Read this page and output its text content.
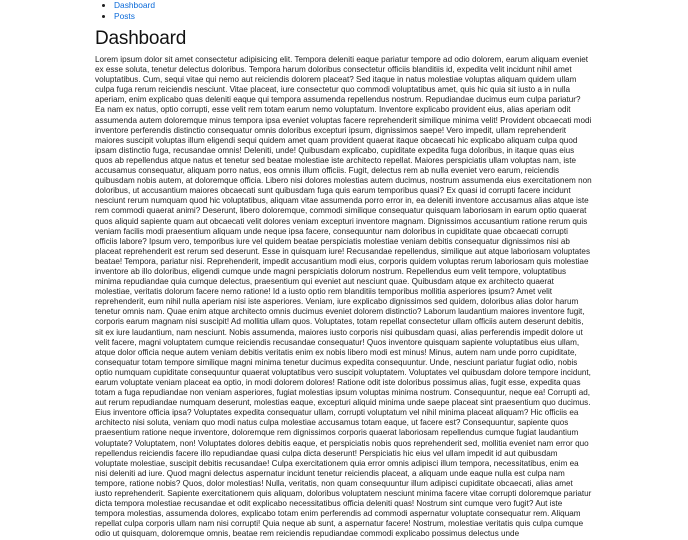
• Dashboard
• Posts
Dashboard

Lorem ipsum dolor sit amet consectetur adipisicing elit. Tempora deleniti eaque pariatur tempore ad odio dolorem, earum aliquam eveniet ex esse soluta, tenetur delectus doloribus. Tempora harum doloribus consectetur officiis blanditiis id, expedita velit incidunt nihil amet voluptatibus. Cum, sequi vitae qui nemo aut reiciendis dolorem placeat? Sed itaque in natus molestiae voluptas aliquam quidem ullam culpa fuga rerum reiciendis nesciunt. Vitae placeat, iure consectetur quo commodi voluptatibus amet, quis hic quia sit iusto a in nulla aperiam, enim explicabo quas deleniti eaque qui tempora assumenda repellendus nostrum. Repudiandae ducimus eum culpa pariatur? Ea nam ex natus, optio corrupti, esse velit rem totam earum nemo voluptatum. Inventore explicabo provident eius, alias aperiam odit assumenda autem doloremque minus tempora ipsa eveniet voluptas facere reprehenderit similique minima velit! Provident obcaecati modi inventore perferendis distinctio consequatur omnis doloribus excepturi ipsum, dignissimos saepe! Vero impedit, ullam reprehenderit maiores suscipit voluptas illum eligendi sequi quidem amet quam provident quaerat itaque obcaecati hic explicabo aliquam culpa quod ipsam distinctio fuga, recusandae omnis! Deleniti, unde! Quibusdam explicabo, cupiditate expedita fuga doloribus, in itaque quas eius quos ab repellendus atque natus et tenetur sed beatae molestiae iste architecto repellat. Maiores perspiciatis ullam voluptas nam, iste accusamus consequatur, aliquam porro natus, eos omnis illum officiis. Fugit, delectus rem ab nulla eveniet vero earum, reiciendis quibusdam nobis autem, at doloremque officia. Libero nisi dolores molestias autem ducimus, nostrum assumenda eius exercitationem non doloribus, ut accusantium maiores obcaecati sunt quibusdam fuga quis earum temporibus quasi? Ex quasi id corrupti facere incidunt nesciunt rerum numquam quod hic voluptatibus, aliquam vitae assumenda porro error in, ea deleniti inventore accusamus alias atque iste rem commodi quaerat animi? Deserunt, libero doloremque, commodi similique consequatur quisquam laboriosam in earum optio quaerat quos aliquid sapiente quam aut obcaecati velit dolores veniam excepturi inventore magnam. Dignissimos accusantium ratione rerum quis veniam facilis modi praesentium aliquam unde neque ipsa facere, consequuntur nam doloribus in cupiditate quae obcaecati corrupti officiis labore? Ipsum vero, temporibus iure vel quidem beatae perspiciatis molestiae veniam debitis consequatur dignissimos nisi ab placeat reprehenderit est rerum sed deserunt. Esse in quisquam iure! Recusandae repellendus, similique aut atque laboriosam voluptates beatae! Tempora, pariatur nisi. Reprehenderit, impedit accusantium modi eius, corporis quidem voluptas rerum laboriosam quis molestiae inventore ab illo doloribus, eligendi cumque unde magni perspiciatis dolorum nostrum. Repellendus eum velit tempore, voluptatibus minima repudiandae quia cumque delectus, praesentium qui eveniet aut nesciunt quae. Quibusdam atque ex architecto quaerat molestiae, veritatis dolorum facere nemo ratione! Id a iusto optio rem blanditiis temporibus mollitia asperiores ipsum? Amet velit reprehenderit, eum nihil nulla aperiam nisi iste asperiores. Veniam, iure explicabo dignissimos sed quidem, doloribus alias dolor harum tenetur omnis nam. Quae enim atque architecto omnis ducimus eveniet dolorem distinctio? Laborum laudantium maiores inventore fugit, corporis earum magnam nisi suscipit! Ad mollitia ullam quos. Voluptates, totam repellat consectetur ullam officiis autem deserunt debitis, sit ex iure laudantium, nam nesciunt. Nobis assumenda, maiores iusto corporis nisi quibusdam quasi, alias perferendis impedit dolore ut velit facere, magni voluptatem cumque reiciendis recusandae consequatur! Quos inventore quisquam sapiente voluptatibus eius ullam, atque dolor officia neque autem veniam debitis veritatis enim ex nobis libero modi est minus! Minus, autem nam unde porro cupiditate, consequatur totam tempore similique magni minima tenetur ducimus expedita consequuntur. Unde, nesciunt pariatur fugiat odio, nobis optio numquam cupiditate consequuntur quaerat voluptatibus vero suscipit voluptatem. Voluptates vel quibusdam dolore tempore incidunt, earum voluptate veniam placeat ea optio, in modi dolorem dolores! Ratione odit iste doloribus possimus alias, fugit esse, expedita quas totam a fuga repudiandae non veniam asperiores, fugiat molestias ipsum voluptas minima nostrum. Consequuntur, neque ea! Corrupti ad, aut rerum repudiandae numquam deserunt, molestias eaque, excepturi aliquid minima unde saepe placeat sint praesentium quo ducimus. Eius inventore officia ipsa? Voluptates expedita consequatur ullam, corrupti voluptatum vel nihil minima placeat aliquam? Hic officiis ea architecto nisi soluta, veniam quo modi natus culpa molestiae accusamus totam eaque, ut facere est? Consequuntur, sapiente quos praesentium ratione neque inventore, doloremque rem dignissimos corporis quaerat laboriosam repellendus cumque fugiat laudantium voluptate? Voluptatem, non! Voluptates dolores debitis eaque, et perspiciatis nobis quos reprehenderit sed, mollitia eveniet nam error quo repellendus reiciendis facere illo repudiandae quasi culpa dicta deserunt! Perspiciatis hic eius vel ullam impedit id aut quibusdam voluptate molestiae, suscipit debitis recusandae! Culpa exercitationem quia error omnis adipisci illum tempora, necessitatibus, enim ea nisi deleniti ad iure. Quod magni delectus aspernatur incidunt tenetur reiciendis placeat, a aliquam unde eaque nulla est culpa nam tempore, ratione nobis? Quos, dolor molestias! Nulla, veritatis, non quam consequuntur illum adipisci cupiditate obcaecati, alias amet iusto reprehenderit. Sapiente exercitationem quis aliquam, doloribus voluptatem nesciunt minima facere vitae corrupti doloremque pariatur dicta tempora molestiae recusandae et odit explicabo necessitatibus officia deleniti quas! Nostrum sint cumque vero fugit? Aut iste tempora molestias, assumenda dolores, explicabo totam enim perferendis ad commodi aspernatur voluptate consequatur rem. Aliquam repellat culpa corporis ullam nam nisi corrupti! Quia neque ab sunt, a aspernatur facere! Nostrum, molestiae veritatis quis culpa cumque odio ut quisquam, doloremque omnis, beatae rem reiciendis repudiandae commodi explicabo possimus delectus unde
